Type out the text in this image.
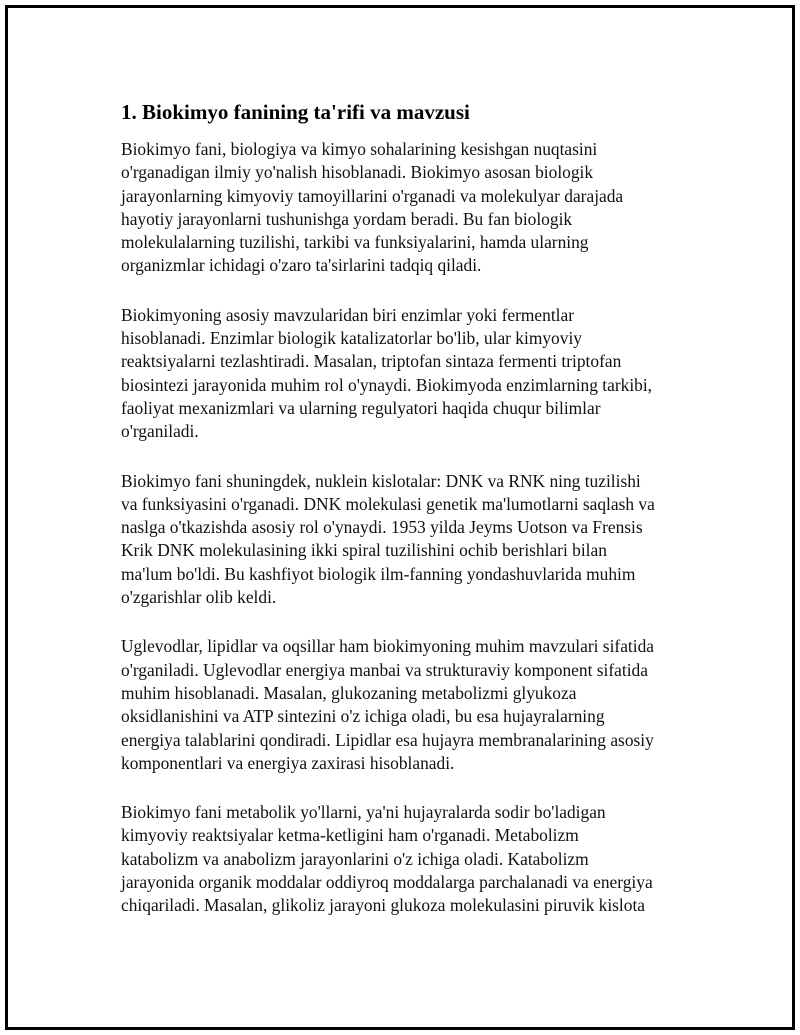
1. Biokimyo fanining ta'rifi va mavzusi

Biokimyo fani, biologiya va kimyo sohalarining kesishgan nuqtasini
o'rganadigan ilmiy yo'nalish hisoblanadi. Biokimyo asosan biologik
jarayonlarning kimyoviy tamoyillarini o'rganadi va molekulyar darajada
hayotiy jarayonlarni tushunishga yordam beradi. Bu fan biologik
molekulalarning tuzilishi, tarkibi va funksiyalarini, hamda ularning
organizmlar ichidagi o'zaro ta'sirlarini tadqiq qiladi.

Biokimyoning asosiy mavzularidan biri enzimlar yoki fermentlar
hisoblanadi. Enzimlar biologik katalizatorlar bo'lib, ular kimyoviy
reaktsiyalarni tezlashtiradi. Masalan, triptofan sintaza fermenti triptofan
biosintezi jarayonida muhim rol o'ynaydi. Biokimyoda enzimlarning tarkibi,
faoliyat mexanizmlari va ularning regulyatori haqida chuqur bilimlar
o'rganiladi.

Biokimyo fani shuningdek, nuklein kislotalar: DNK va RNK ning tuzilishi
va funksiyasini o'rganadi. DNK molekulasi genetik ma'lumotlarni saqlash va
naslga o'tkazishda asosiy rol o'ynaydi. 1953 yilda Jeyms Uotson va Frensis
Krik DNK molekulasining ikki spiral tuzilishini ochib berishlari bilan
ma'lum bo'ldi. Bu kashfiyot biologik ilm-fanning yondashuvlarida muhim
o'zgarishlar olib keldi.

Uglevodlar, lipidlar va oqsillar ham biokimyoning muhim mavzulari sifatida
o'rganiladi. Uglevodlar energiya manbai va strukturaviy komponent sifatida
muhim hisoblanadi. Masalan, glukozaning metabolizmi glyukoza
oksidlanishini va ATP sintezini o'z ichiga oladi, bu esa hujayralarning
energiya talablarini qondiradi. Lipidlar esa hujayra membranalarining asosiy
komponentlari va energiya zaxirasi hisoblanadi.

Biokimyo fani metabolik yo'llarni, ya'ni hujayralarda sodir bo'ladigan
kimyoviy reaktsiyalar ketma-ketligini ham o'rganadi. Metabolizm
katabolizm va anabolizm jarayonlarini o'z ichiga oladi. Katabolizm
jarayonida organik moddalar oddiyroq moddalarga parchalanadi va energiya
chiqariladi. Masalan, glikoliz jarayoni glukoza molekulasini piruvik kislota
